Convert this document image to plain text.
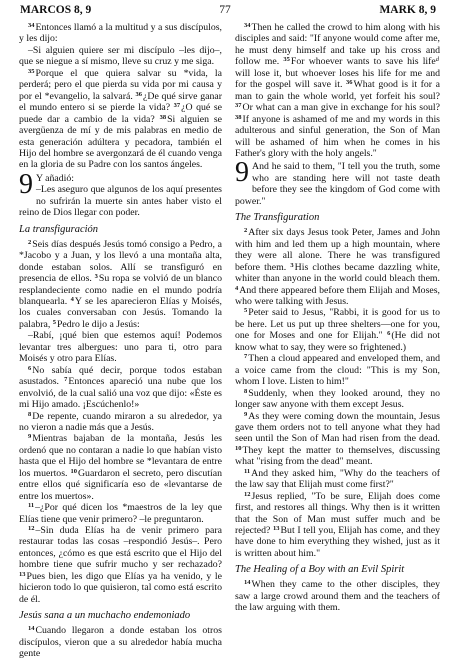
MARCOS 8, 9	77	MARK 8, 9

$^{34}$Entonces llamó a la multitud y a sus discípulos, y les dijo:

–Si alguien quiere ser mi discípulo –les dijo–, que se niegue a sí mismo, lleve su cruz y me siga.

$^{35}$Porque el que quiera salvar su *vida, la perderá; pero el que pierda su vida por mi causa y por el *evangelio, la salvará. $^{36}$¿De qué sirve ganar el mundo entero si se pierde la vida? $^{37}$¿O qué se puede dar a cambio de la vida? $^{38}$Si alguien se avergüenza de mí y de mis palabras en medio de esta generación adúltera y pecadora, también el Hijo del hombre se avergonzará de él cuando venga en la gloria de su Padre con los santos ángeles.

9 Y añadió:

–Les aseguro que algunos de los aquí presentes no sufrirán la muerte sin antes haber visto el reino de Dios llegar con poder.

La transfiguración

$^2$Seis días después Jesús tomó consigo a Pedro, a *Jacobo y a Juan, y los llevó a una montaña alta, donde estaban solos. Allí se transfiguró en presencia de ellos. $^3$Su ropa se volvió de un blanco resplandeciente como nadie en el mundo podría blanquearla. $^4$Y se les aparecieron Elías y Moisés, los cuales conversaban con Jesús. Tomando la palabra, $^5$Pedro le dijo a Jesús:

–Rabí, ¡qué bien que estemos aquí! Podemos levantar tres albergues: uno para ti, otro para Moisés y otro para Elías.

$^6$No sabía qué decir, porque todos estaban asustados. $^7$Entonces apareció una nube que los envolvió, de la cual salió una voz que dijo: «Éste es mi Hijo amado. ¡Escúchenlo!»

$^8$De repente, cuando miraron a su alrededor, ya no vieron a nadie más que a Jesús.

$^9$Mientras bajaban de la montaña, Jesús les ordenó que no contaran a nadie lo que habían visto hasta que el Hijo del hombre se *levantara de entre los muertos. $^{10}$Guardaron el secreto, pero discutían entre ellos qué significaría eso de «levantarse de entre los muertos».

$^{11}$–¿Por qué dicen los *maestros de la ley que Elías tiene que venir primero? –le preguntaron.

$^{12}$–Sin duda Elías ha de venir primero para restaurar todas las cosas –respondió Jesús–. Pero entonces, ¿cómo es que está escrito que el Hijo del hombre tiene que sufrir mucho y ser rechazado? $^{13}$Pues bien, les digo que Elías ya ha venido, y le hicieron todo lo que quisieron, tal como está escrito de él.

Jesús sana a un muchacho endemoniado

$^{14}$Cuando llegaron a donde estaban los otros discípulos, vieron que a su alrededor había mucha gente

$^{34}$Then he called the crowd to him along with his disciples and said: "If anyone would come after me, he must deny himself and take up his cross and follow me. $^{35}$For whoever wants to save his life$^d$ will lose it, but whoever loses his life for me and for the gospel will save it. $^{36}$What good is it for a man to gain the whole world, yet forfeit his soul? $^{37}$Or what can a man give in exchange for his soul? $^{38}$If anyone is ashamed of me and my words in this adulterous and sinful generation, the Son of Man will be ashamed of him when he comes in his Father's glory with the holy angels."

9 And he said to them, "I tell you the truth, some who are standing here will not taste death before they see the kingdom of God come with power."

The Transfiguration

$^2$After six days Jesus took Peter, James and John with him and led them up a high mountain, where they were all alone. There he was transfigured before them. $^3$His clothes became dazzling white, whiter than anyone in the world could bleach them. $^4$And there appeared before them Elijah and Moses, who were talking with Jesus.

$^5$Peter said to Jesus, "Rabbi, it is good for us to be here. Let us put up three shelters—one for you, one for Moses and one for Elijah." $^6$(He did not know what to say, they were so frightened.)

$^7$Then a cloud appeared and enveloped them, and a voice came from the cloud: "This is my Son, whom I love. Listen to him!"

$^8$Suddenly, when they looked around, they no longer saw anyone with them except Jesus.

$^9$As they were coming down the mountain, Jesus gave them orders not to tell anyone what they had seen until the Son of Man had risen from the dead. $^{10}$They kept the matter to themselves, discussing what "rising from the dead" meant.

$^{11}$And they asked him, "Why do the teachers of the law say that Elijah must come first?"

$^{12}$Jesus replied, "To be sure, Elijah does come first, and restores all things. Why then is it written that the Son of Man must suffer much and be rejected? $^{13}$But I tell you, Elijah has come, and they have done to him everything they wished, just as it is written about him."

The Healing of a Boy with an Evil Spirit

$^{14}$When they came to the other disciples, they saw a large crowd around them and the teachers of the law arguing with them.
